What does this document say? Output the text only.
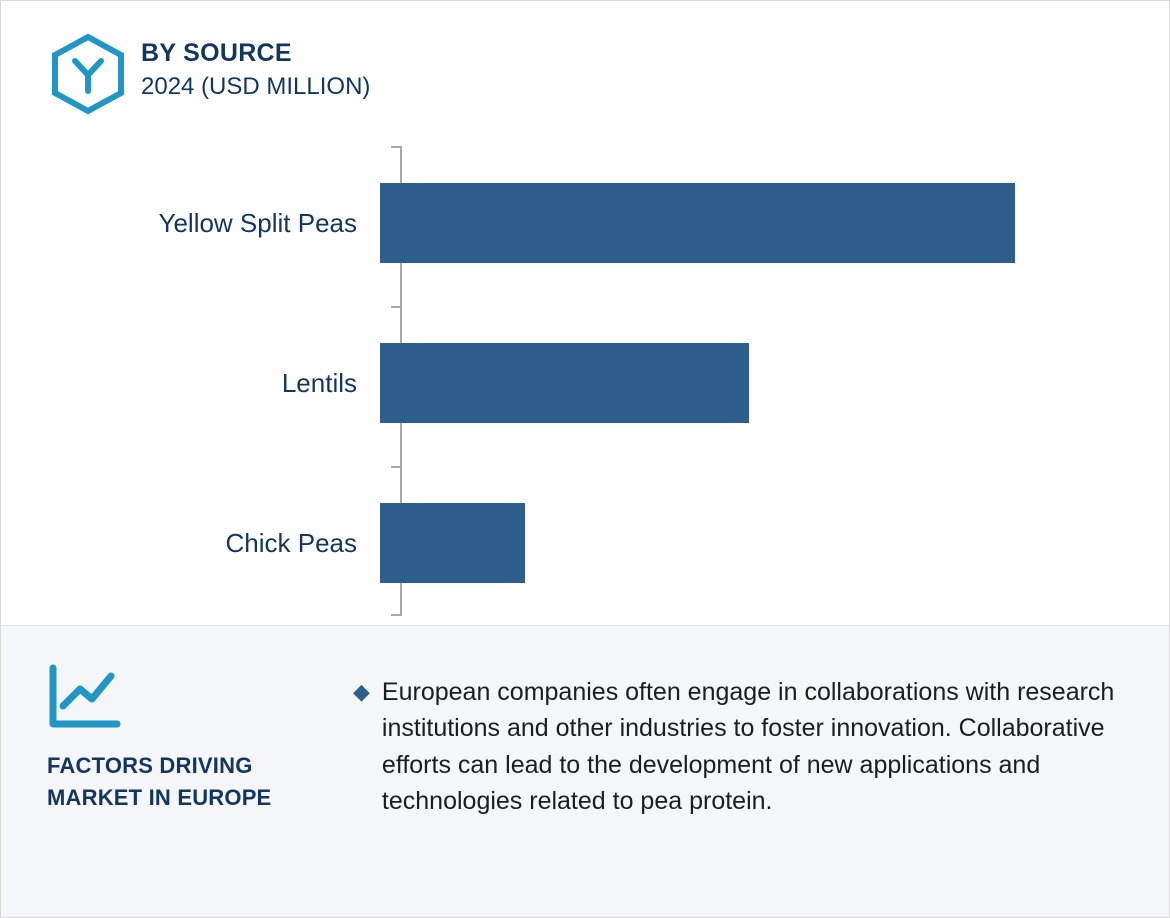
BY SOURCE
2024 (USD MILLION)
Yellow Split Peas
Lentils
Chick Peas
FACTORS DRIVING
MARKET IN EUROPE
◆ European companies often engage in collaborations with research institutions and other industries to foster innovation. Collaborative efforts can lead to the development of new applications and technologies related to pea protein.
